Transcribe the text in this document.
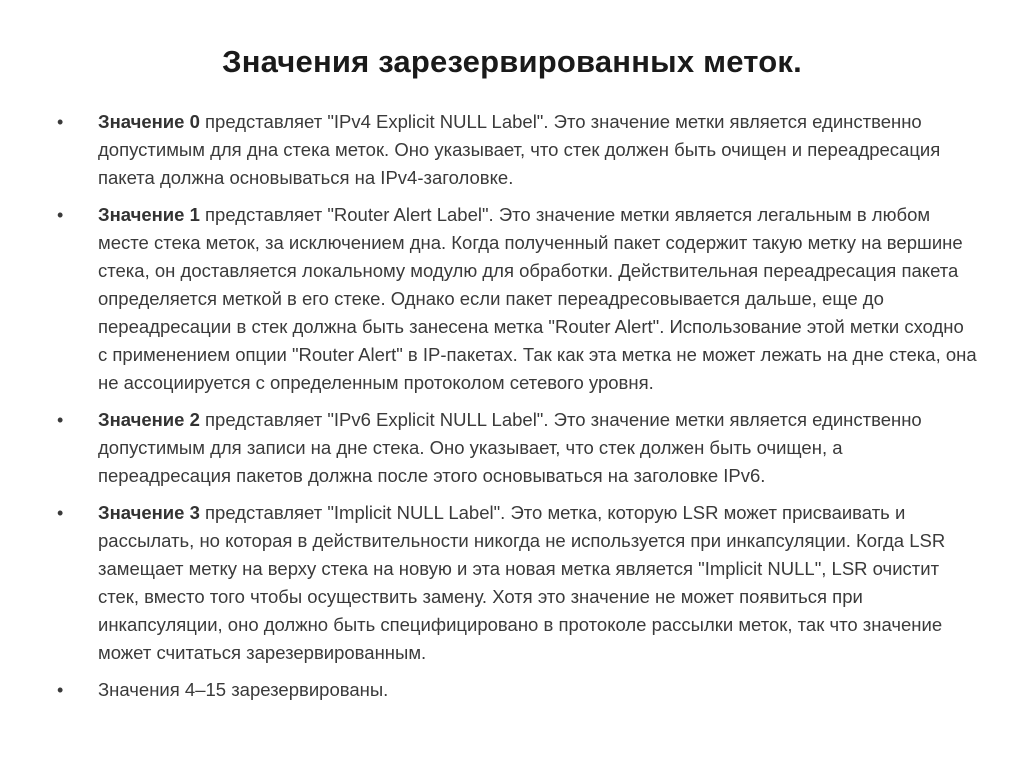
Значения зарезервированных меток.
• Значение 0 представляет "IPv4 Explicit NULL Label". Это значение метки является единственно допустимым для дна стека меток. Оно указывает, что стек должен быть очищен и переадресация пакета должна основываться на IPv4-заголовке.
• Значение 1 представляет "Router Alert Label". Это значение метки является легальным в любом месте стека меток, за исключением дна. Когда полученный пакет содержит такую метку на вершине стека, он доставляется локальному модулю для обработки. Действительная переадресация пакета определяется меткой в его стеке. Однако если пакет переадресовывается дальше, еще до переадресации в стек должна быть занесена метка "Router Alert". Использование этой метки сходно с применением опции "Router Alert" в IP-пакетах. Так как эта метка не может лежать на дне стека, она не ассоциируется с определенным протоколом сетевого уровня.
• Значение 2 представляет "IPv6 Explicit NULL Label". Это значение метки является единственно допустимым для записи на дне стека. Оно указывает, что стек должен быть очищен, а переадресация пакетов должна после этого основываться на заголовке IPv6.
• Значение 3 представляет "Implicit NULL Label". Это метка, которую LSR может присваивать и рассылать, но которая в действительности никогда не используется при инкапсуляции. Когда LSR замещает метку на верху стека на новую и эта новая метка является "Implicit NULL", LSR очистит стек, вместо того чтобы осуществить замену. Хотя это значение не может появиться при инкапсуляции, оно должно быть специфицировано в протоколе рассылки меток, так что значение может считаться зарезервированным.
• Значения 4–15 зарезервированы.
